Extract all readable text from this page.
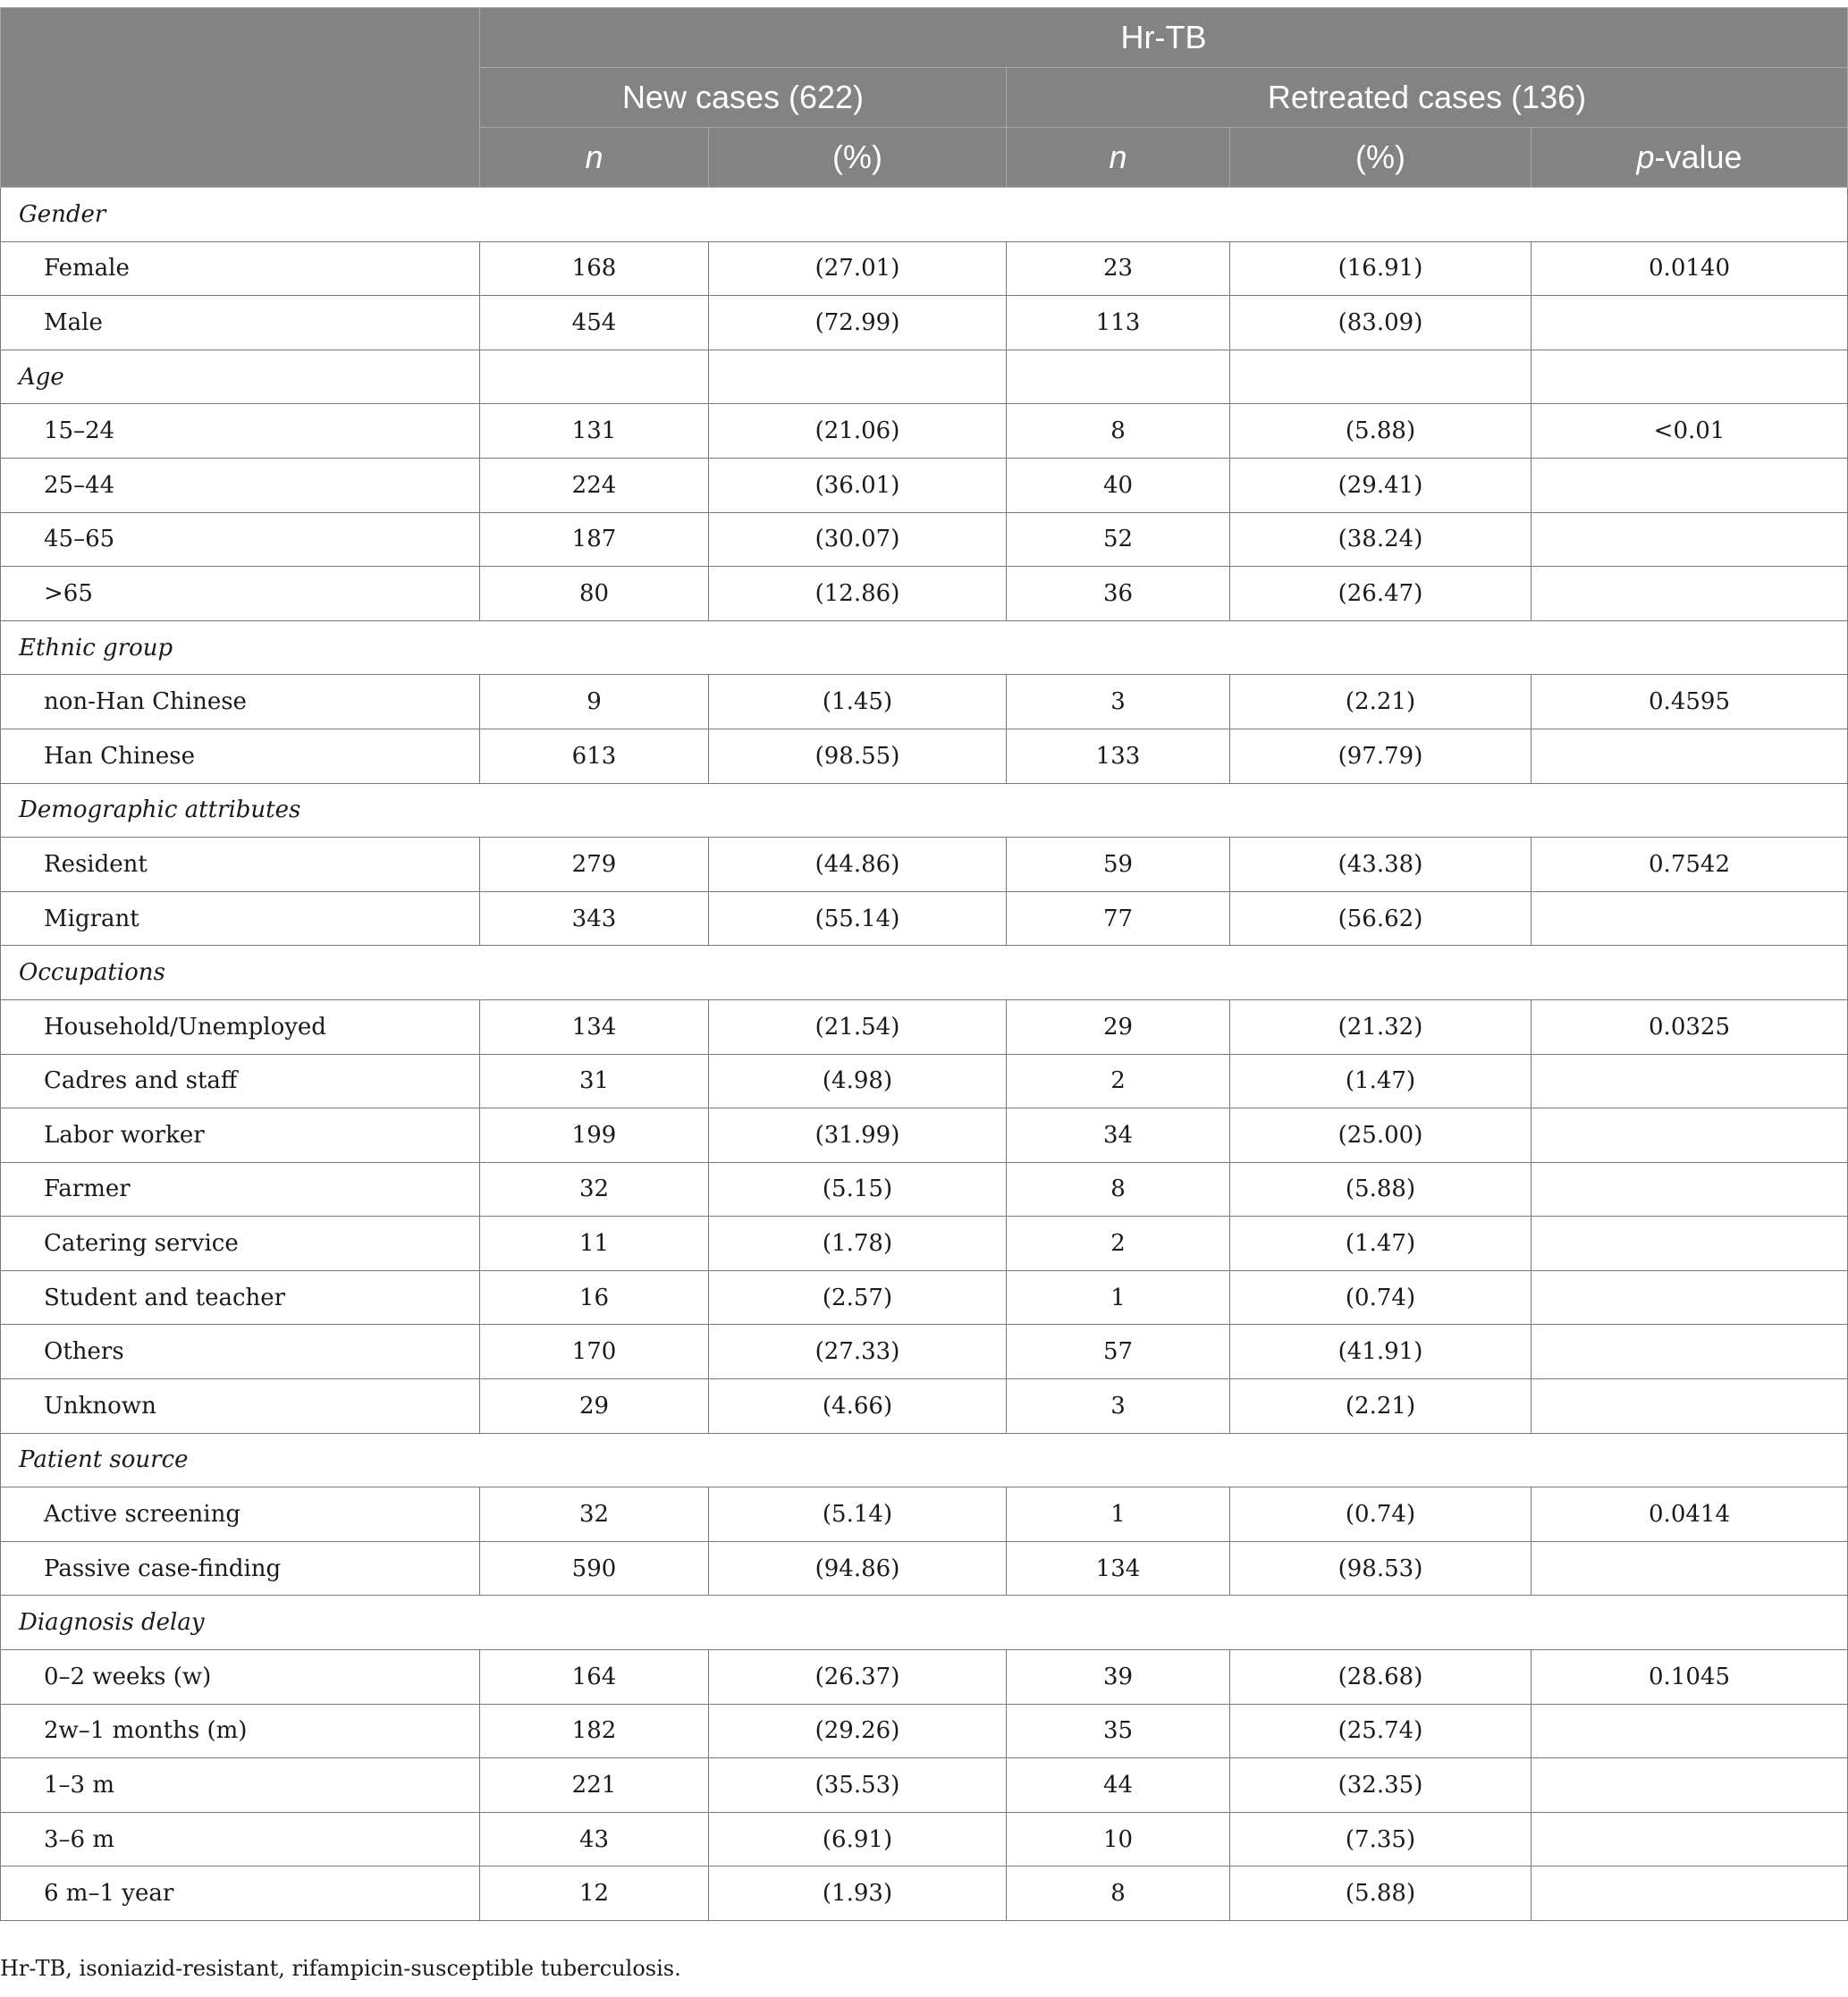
	Hr-TB				
	New cases (622)		Retreated cases (136)		
	n	(%)	n	(%)	p-value
Gender					
Female	168	(27.01)	23	(16.91)	0.0140
Male	454	(72.99)	113	(83.09)	
Age					
15–24	131	(21.06)	8	(5.88)	<0.01
25–44	224	(36.01)	40	(29.41)	
45–65	187	(30.07)	52	(38.24)	
>65	80	(12.86)	36	(26.47)	
Ethnic group					
non-Han Chinese	9	(1.45)	3	(2.21)	0.4595
Han Chinese	613	(98.55)	133	(97.79)	
Demographic attributes					
Resident	279	(44.86)	59	(43.38)	0.7542
Migrant	343	(55.14)	77	(56.62)	
Occupations					
Household/Unemployed	134	(21.54)	29	(21.32)	0.0325
Cadres and staff	31	(4.98)	2	(1.47)	
Labor worker	199	(31.99)	34	(25.00)	
Farmer	32	(5.15)	8	(5.88)	
Catering service	11	(1.78)	2	(1.47)	
Student and teacher	16	(2.57)	1	(0.74)	
Others	170	(27.33)	57	(41.91)	
Unknown	29	(4.66)	3	(2.21)	
Patient source					
Active screening	32	(5.14)	1	(0.74)	0.0414
Passive case-finding	590	(94.86)	134	(98.53)	
Diagnosis delay					
0–2 weeks (w)	164	(26.37)	39	(28.68)	0.1045
2w–1 months (m)	182	(29.26)	35	(25.74)	
1–3 m	221	(35.53)	44	(32.35)	
3–6 m	43	(6.91)	10	(7.35)	
6 m–1 year	12	(1.93)	8	(5.88)	
Hr-TB, isoniazid-resistant, rifampicin-susceptible tuberculosis.
